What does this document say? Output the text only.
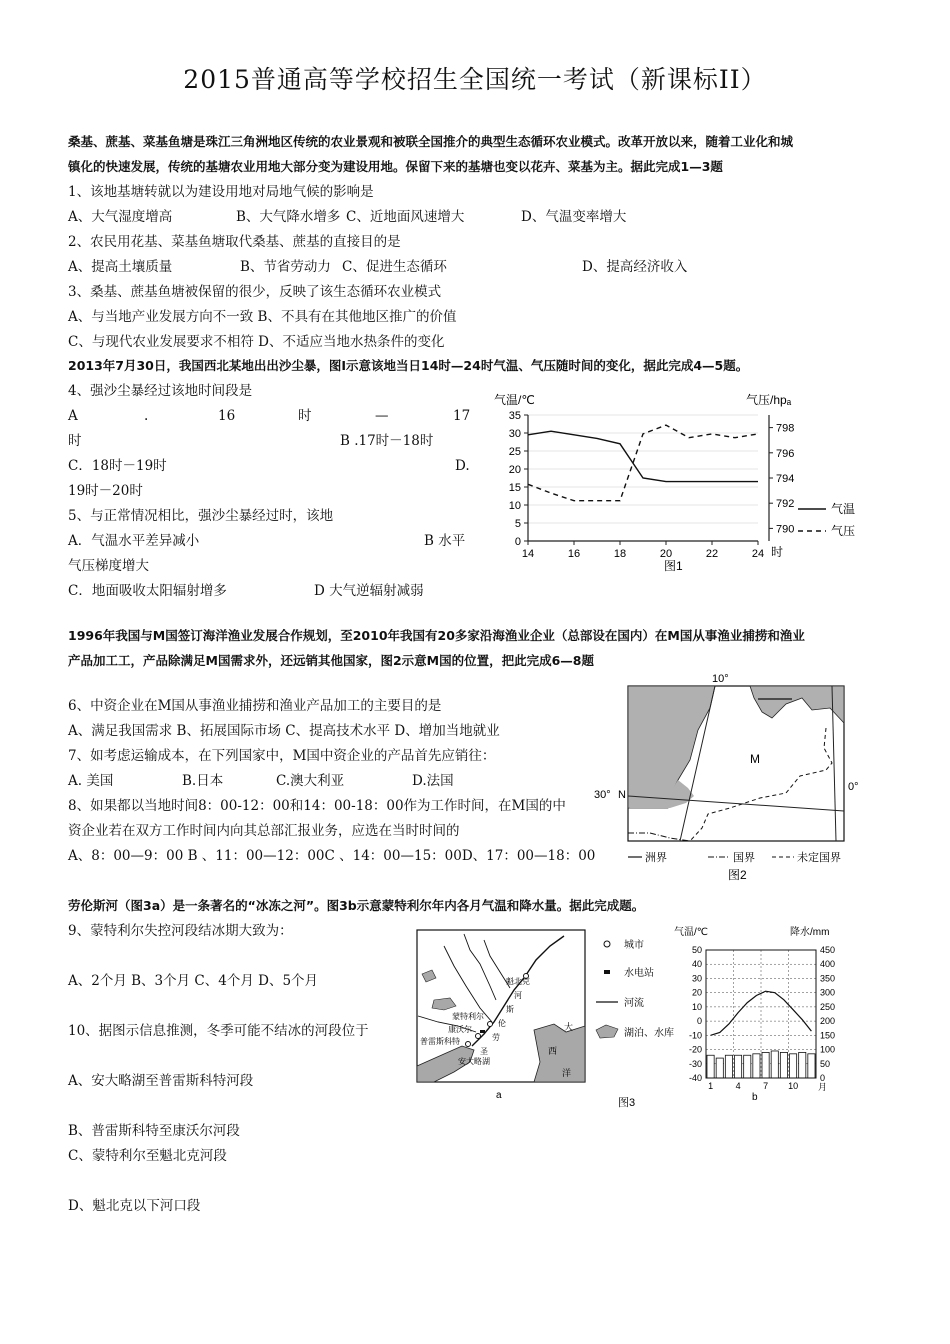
2015普通高等学校招生全国统一考试（新课标II）
桑基、蔗基、菜基鱼塘是珠江三角洲地区传统的农业景观和被联全国推介的典型生态循环农业模式。改革开放以来，随着工业化和城
镇化的快速发展，传统的基塘农业用地大部分变为建设用地。保留下来的基塘也变以花卉、菜基为主。据此完成1—3题
1、该地基塘转就以为建设用地对局地气候的影响是
A、大气湿度增高	B、大气降水增多 C、近地面风速增大	D、气温变率增大
2、农民用花基、菜基鱼塘取代桑基、蔗基的直接目的是
A、提高土壤质量	B、节省劳动力 C、促进生态循环	D、提高经济收入
3、桑基、蔗基鱼塘被保留的很少，反映了该生态循环农业模式
A、与当地产业发展方向不一致 B、不具有在其他地区推广的价值
C、与现代农业发展要求不相符 D、不适应当地水热条件的变化
2013年7月30日，我国西北某地出出沙尘暴，图Ⅰ示意该地当日14时—24时气温、气压随时间的变化，据此完成4—5题。
4、强沙尘暴经过该地时间段是
A	.	16	时	—	17
时	B .17时－18时
C．18时－19时	D.
19时－20时
5、与正常情况相比，强沙尘暴经过时，该地
A．气温水平差异减小	B 水平
气压梯度增大
C．地面吸收太阳辐射增多	D 大气逆辐射减弱
气温/℃	气压/hpₐ
35
30
25
20
15
10
5
0
798
796
794
792
790
14	16	18	20	22	24 时
气温
气压
图1
1996年我国与M国签订海洋渔业发展合作规划，至2010年我国有20多家沿海渔业企业（总部设在国内）在M国从事渔业捕捞和渔业
产品加工工，产品除满足M国需求外，还远销其他国家，图2示意M国的位置，把此完成6—8题
6、中资企业在M国从事渔业捕捞和渔业产品加工的主要目的是
A、满足我国需求 B、拓展国际市场 C、提高技术水平 D、增加当地就业
7、如考虑运输成本，在下列国家中，M国中资企业的产品首先应销往：
A. 美国	B.日本	C.澳大利亚	D.法国
8、如果都以当地时间8：00-12：00和14：00-18：00作为工作时间，在M国的中
资企业若在双方工作时间内向其总部汇报业务，应选在当时时间的
A、8：00—9：00 B 、11：00—12：00C 、14：00—15：00D、17：00—18：00
10°
0°
30° N
M
洲界	国界	未定国界
图2
劳伦斯河（图3a）是一条著名的“冰冻之河”。图3b示意蒙特利尔年内各月气温和降水量。据此完成题。
9、蒙特利尔失控河段结冰期大致为：
A、2个月 B、3个月 C、4个月 D、5个月
10、据图示信息推测，冬季可能不结冰的河段位于
A、安大略湖至普雷斯科特河段
B、普雷斯科特至康沃尔河段
C、蒙特利尔至魁北克河段
D、魁北克以下河口段
魁北克
蒙特利尔
康沃尔
普雷斯科特
安大略湖
大
西
洋
河
斯
伦
劳
圣
城市
水电站
河流
湖泊、水库
a
图3
气温/℃	降水/mm
50
40
30
20
10
0
-10
-20
-30
-40
450
400
350
300
250
200
150
100
50
0
1 4 7 10 月
b
